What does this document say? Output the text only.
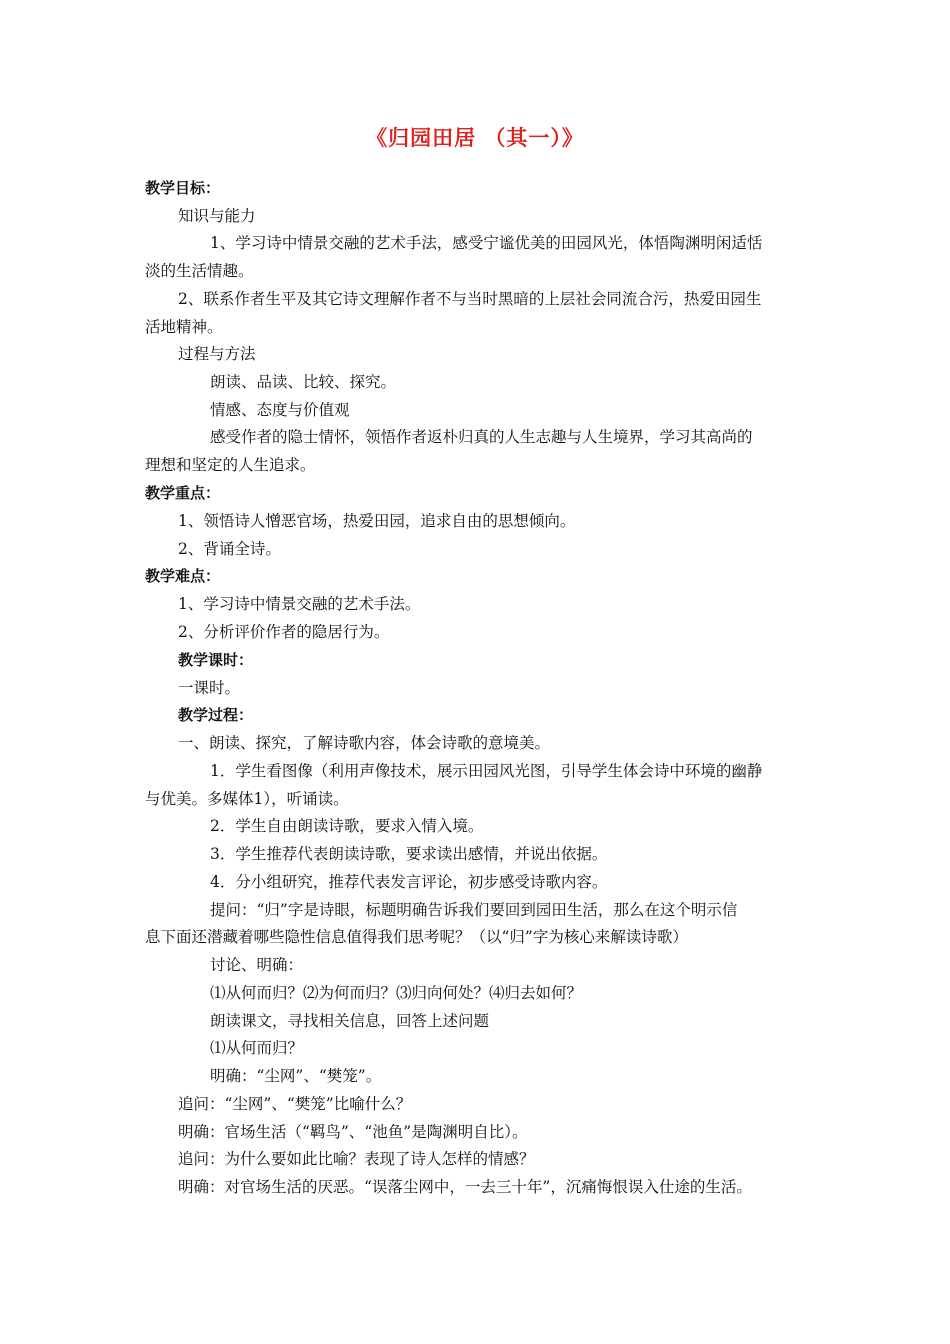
《归园田居 （其一）》

教学目标：

知识与能力

1、学习诗中情景交融的艺术手法，感受宁谧优美的田园风光，体悟陶渊明闲适恬

淡的生活情趣。

2、联系作者生平及其它诗文理解作者不与当时黑暗的上层社会同流合污，热爱田园生

活地精神。

过程与方法

朗读、品读、比较、探究。

情感、态度与价值观

感受作者的隐士情怀，领悟作者返朴归真的人生志趣与人生境界，学习其高尚的

理想和坚定的人生追求。

教学重点：

1、领悟诗人憎恶官场，热爱田园，追求自由的思想倾向。

2、背诵全诗。

教学难点：

1、学习诗中情景交融的艺术手法。

2、分析评价作者的隐居行为。

教学课时：

一课时。

教学过程：

一、朗读、探究，了解诗歌内容，体会诗歌的意境美。

1．学生看图像（利用声像技术，展示田园风光图，引导学生体会诗中环境的幽静

与优美。多媒体1），听诵读。

2．学生自由朗读诗歌，要求入情入境。

3．学生推荐代表朗读诗歌，要求读出感情，并说出依据。

4．分小组研究，推荐代表发言评论，初步感受诗歌内容。

提问：“归”字是诗眼，标题明确告诉我们要回到园田生活，那么在这个明示信

息下面还潜藏着哪些隐性信息值得我们思考呢？（以“归”字为核心来解读诗歌）

讨论、明确：

⑴从何而归？⑵为何而归？⑶归向何处？⑷归去如何？

朗读课文，寻找相关信息，回答上述问题

⑴从何而归？

明确：“尘网”、“樊笼”。

追问：“尘网”、“樊笼”比喻什么？

明确：官场生活（“羁鸟”、“池鱼”是陶渊明自比）。

追问：为什么要如此比喻？表现了诗人怎样的情感？

明确：对官场生活的厌恶。“误落尘网中，一去三十年”，沉痛悔恨误入仕途的生活。
